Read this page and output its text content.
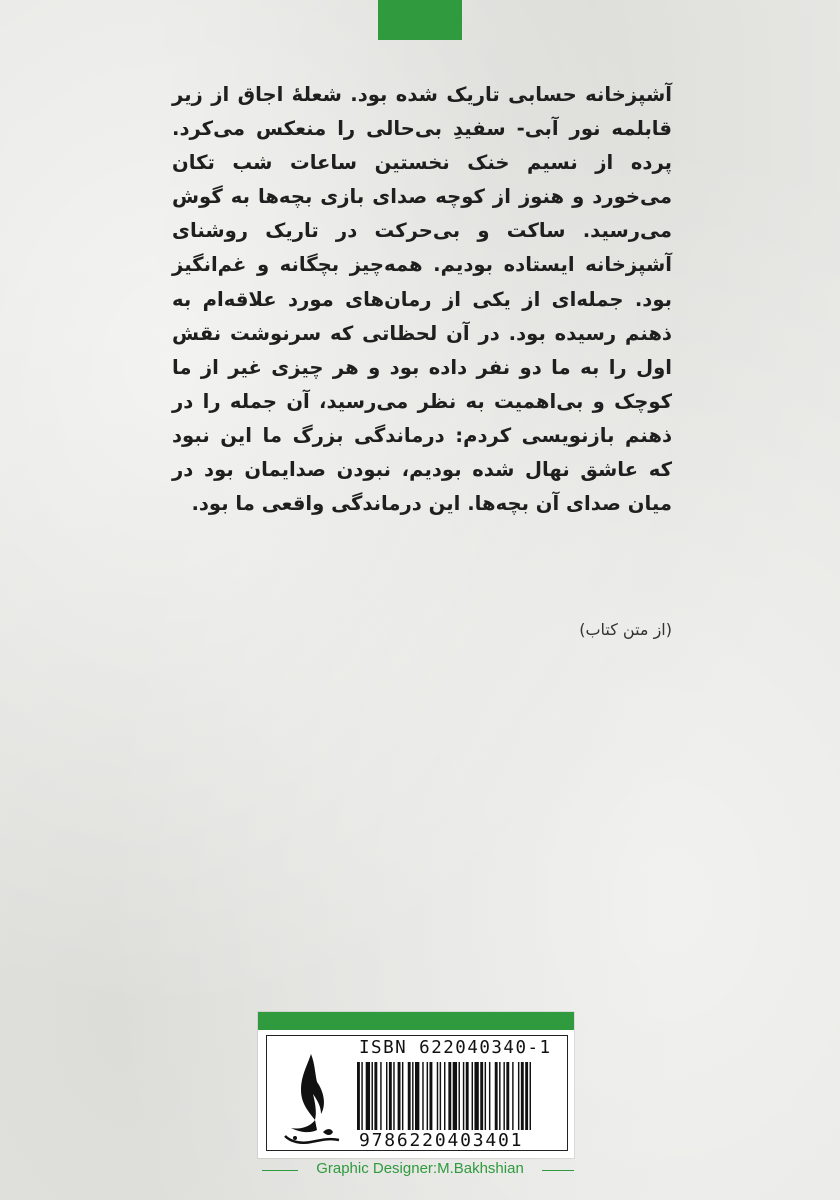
آشپزخانه حسابی تاریک شده بود. شعلهٔ اجاق از زیر قابلمه نور آبی- سفیدِ بی‌حالی را منعکس می‌کرد. پرده از نسیم خنک نخستین ساعات شب تکان می‌خورد و هنوز از کوچه صدای بازی بچه‌ها به گوش می‌رسید. ساکت و بی‌حرکت در تاریک روشنای آشپزخانه ایستاده بودیم. همه‌چیز بچگانه و غم‌انگیز بود. جمله‌ای از یکی از رمان‌های مورد علاقه‌ام به ذهنم رسیده بود. در آن لحظاتی که سرنوشت نقش اول را به ما دو نفر داده بود و هر چیزی غیر از ما کوچک و بی‌اهمیت به نظر می‌رسید، آن جمله را در ذهنم بازنویسی کردم: درماندگی بزرگ ما این نبود که عاشق نهال شده بودیم، نبودن صدایمان بود در میان صدای آن بچه‌ها. این درماندگی واقعی ما بود.
(از متن کتاب)
ISBN 622040340-1
9786220403401
Graphic Designer:M.Bakhshian
